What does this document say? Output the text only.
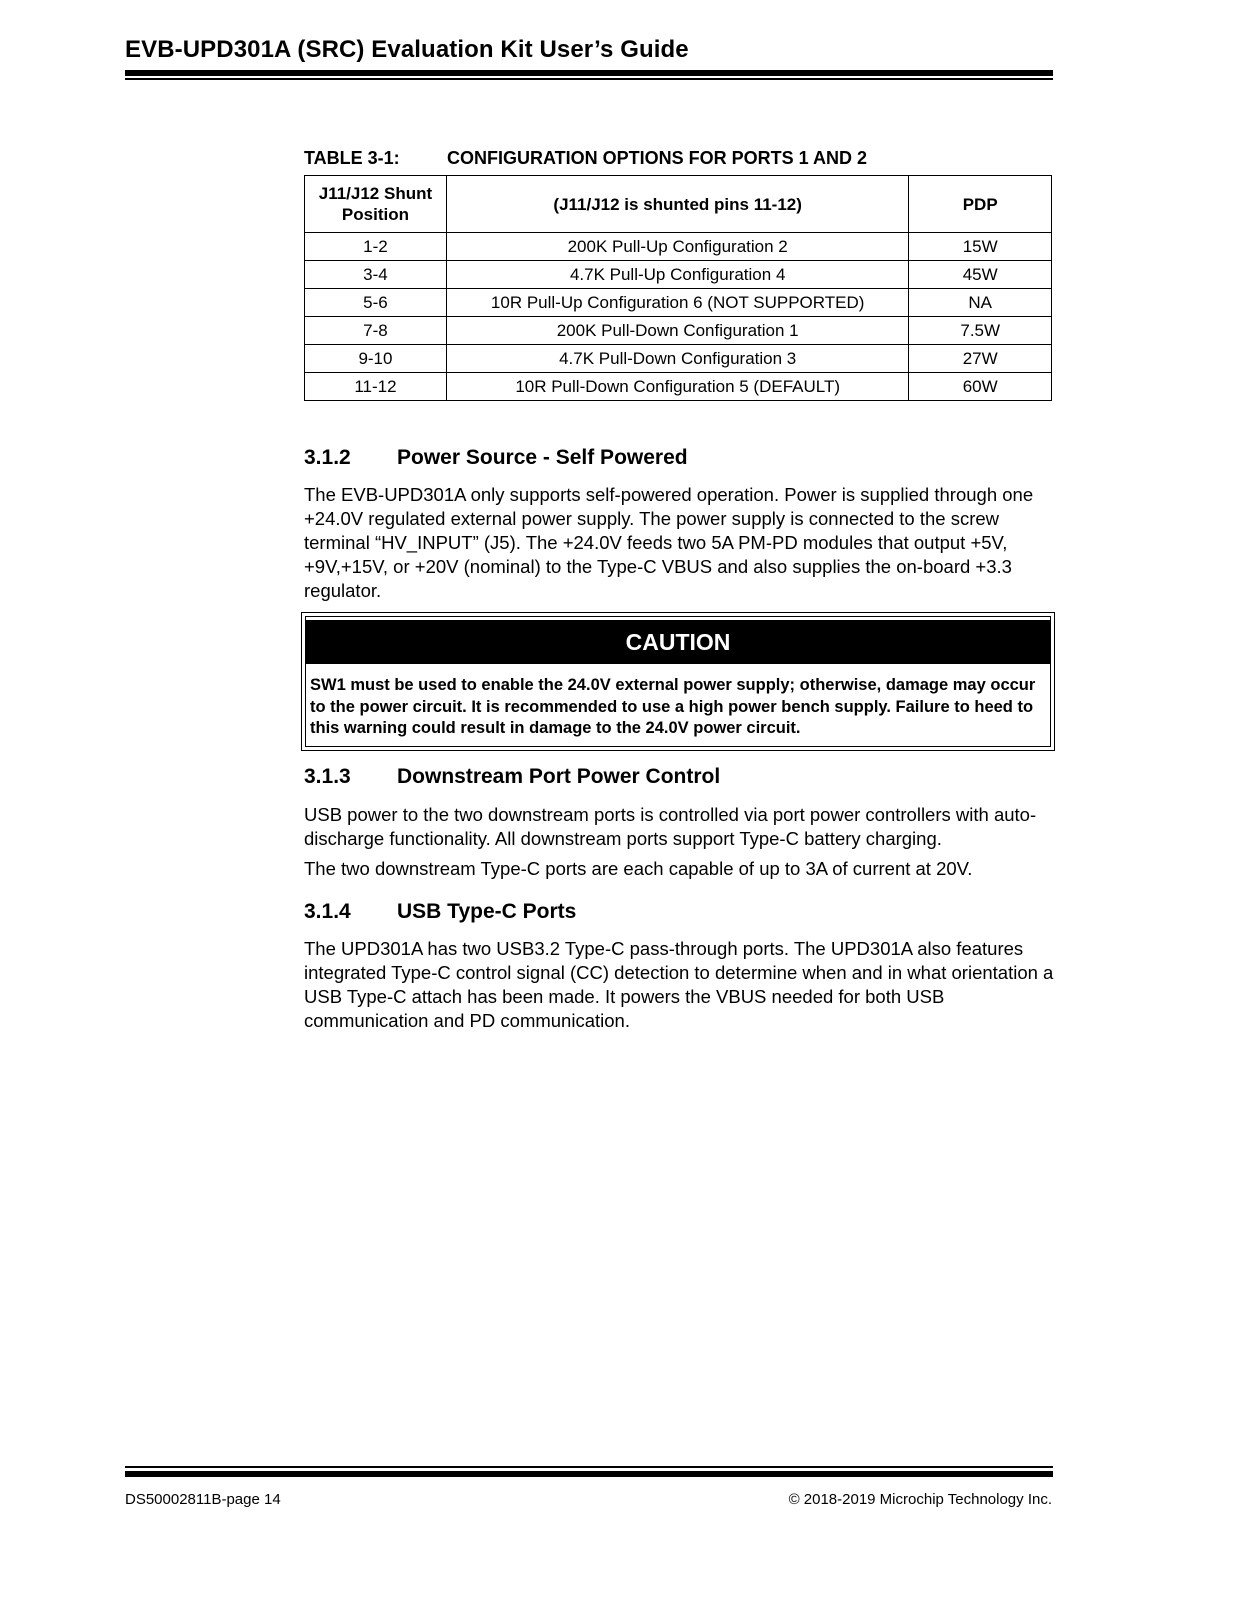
EVB-UPD301A (SRC) Evaluation Kit User’s Guide
TABLE 3-1:	CONFIGURATION OPTIONS FOR PORTS 1 AND 2
J11/J12 Shunt Position	(J11/J12 is shunted pins 11-12)	PDP
1-2	200K Pull-Up Configuration 2	15W
3-4	4.7K Pull-Up Configuration 4	45W
5-6	10R Pull-Up Configuration 6 (NOT SUPPORTED)	NA
7-8	200K Pull-Down Configuration 1	7.5W
9-10	4.7K Pull-Down Configuration 3	27W
11-12	10R Pull-Down Configuration 5 (DEFAULT)	60W
3.1.2 Power Source - Self Powered
The EVB-UPD301A only supports self-powered operation. Power is supplied through one +24.0V regulated external power supply. The power supply is connected to the screw terminal “HV_INPUT” (J5). The +24.0V feeds two 5A PM-PD modules that output +5V, +9V,+15V, or +20V (nominal) to the Type-C VBUS and also supplies the on-board +3.3 regulator.
CAUTION
SW1 must be used to enable the 24.0V external power supply; otherwise, damage may occur to the power circuit. It is recommended to use a high power bench supply. Failure to heed to this warning could result in damage to the 24.0V power circuit.
3.1.3 Downstream Port Power Control
USB power to the two downstream ports is controlled via port power controllers with auto-discharge functionality. All downstream ports support Type-C battery charging.
The two downstream Type-C ports are each capable of up to 3A of current at 20V.
3.1.4 USB Type-C Ports
The UPD301A has two USB3.2 Type-C pass-through ports. The UPD301A also features integrated Type-C control signal (CC) detection to determine when and in what orientation a USB Type-C attach has been made. It powers the VBUS needed for both USB communication and PD communication.
DS50002811B-page 14	© 2018-2019 Microchip Technology Inc.
